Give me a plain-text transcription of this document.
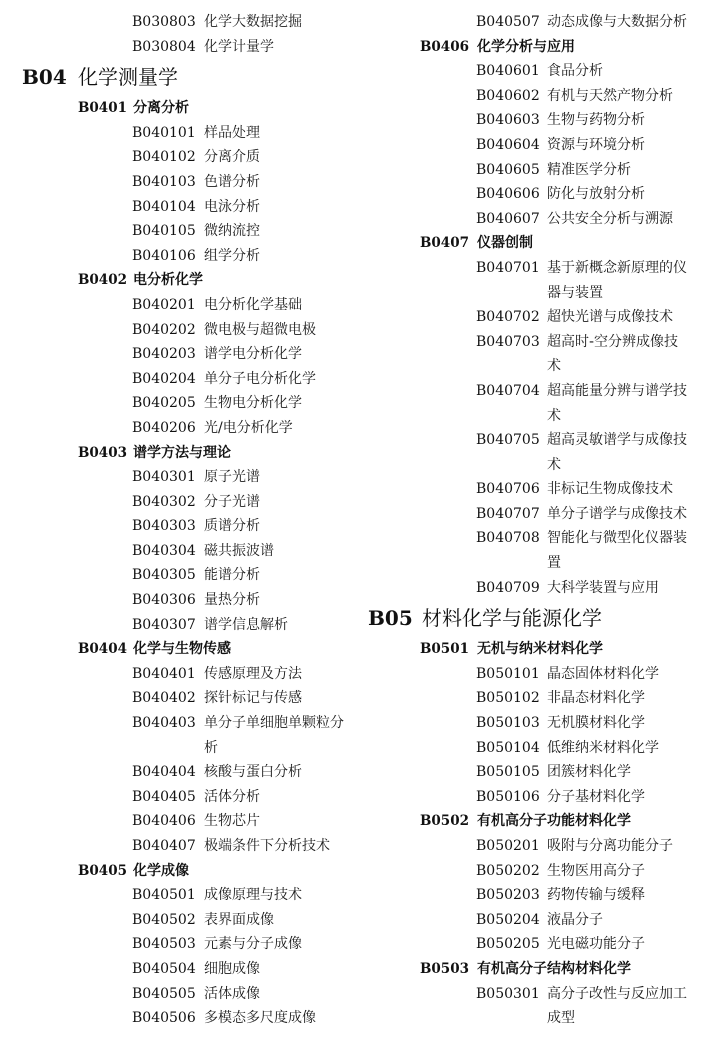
B030803 化学大数据挖掘
B030804 化学计量学
B04 化学测量学
B0401 分离分析
B040101 样品处理
B040102 分离介质
B040103 色谱分析
B040104 电泳分析
B040105 微纳流控
B040106 组学分析
B0402 电分析化学
B040201 电分析化学基础
B040202 微电极与超微电极
B040203 谱学电分析化学
B040204 单分子电分析化学
B040205 生物电分析化学
B040206 光/电分析化学
B0403 谱学方法与理论
B040301 原子光谱
B040302 分子光谱
B040303 质谱分析
B040304 磁共振波谱
B040305 能谱分析
B040306 量热分析
B040307 谱学信息解析
B0404 化学与生物传感
B040401 传感原理及方法
B040402 探针标记与传感
B040403 单分子单细胞单颗粒分析
B040404 核酸与蛋白分析
B040405 活体分析
B040406 生物芯片
B040407 极端条件下分析技术
B0405 化学成像
B040501 成像原理与技术
B040502 表界面成像
B040503 元素与分子成像
B040504 细胞成像
B040505 活体成像
B040506 多模态多尺度成像
B040507 动态成像与大数据分析
B0406 化学分析与应用
B040601 食品分析
B040602 有机与天然产物分析
B040603 生物与药物分析
B040604 资源与环境分析
B040605 精准医学分析
B040606 防化与放射分析
B040607 公共安全分析与溯源
B0407 仪器创制
B040701 基于新概念新原理的仪器与装置
B040702 超快光谱与成像技术
B040703 超高时-空分辨成像技术
B040704 超高能量分辨与谱学技术
B040705 超高灵敏谱学与成像技术
B040706 非标记生物成像技术
B040707 单分子谱学与成像技术
B040708 智能化与微型化仪器装置
B040709 大科学装置与应用
B05 材料化学与能源化学
B0501 无机与纳米材料化学
B050101 晶态固体材料化学
B050102 非晶态材料化学
B050103 无机膜材料化学
B050104 低维纳米材料化学
B050105 团簇材料化学
B050106 分子基材料化学
B0502 有机高分子功能材料化学
B050201 吸附与分离功能分子
B050202 生物医用高分子
B050203 药物传输与缓释
B050204 液晶分子
B050205 光电磁功能分子
B0503 有机高分子结构材料化学
B050301 高分子改性与反应加工成型
